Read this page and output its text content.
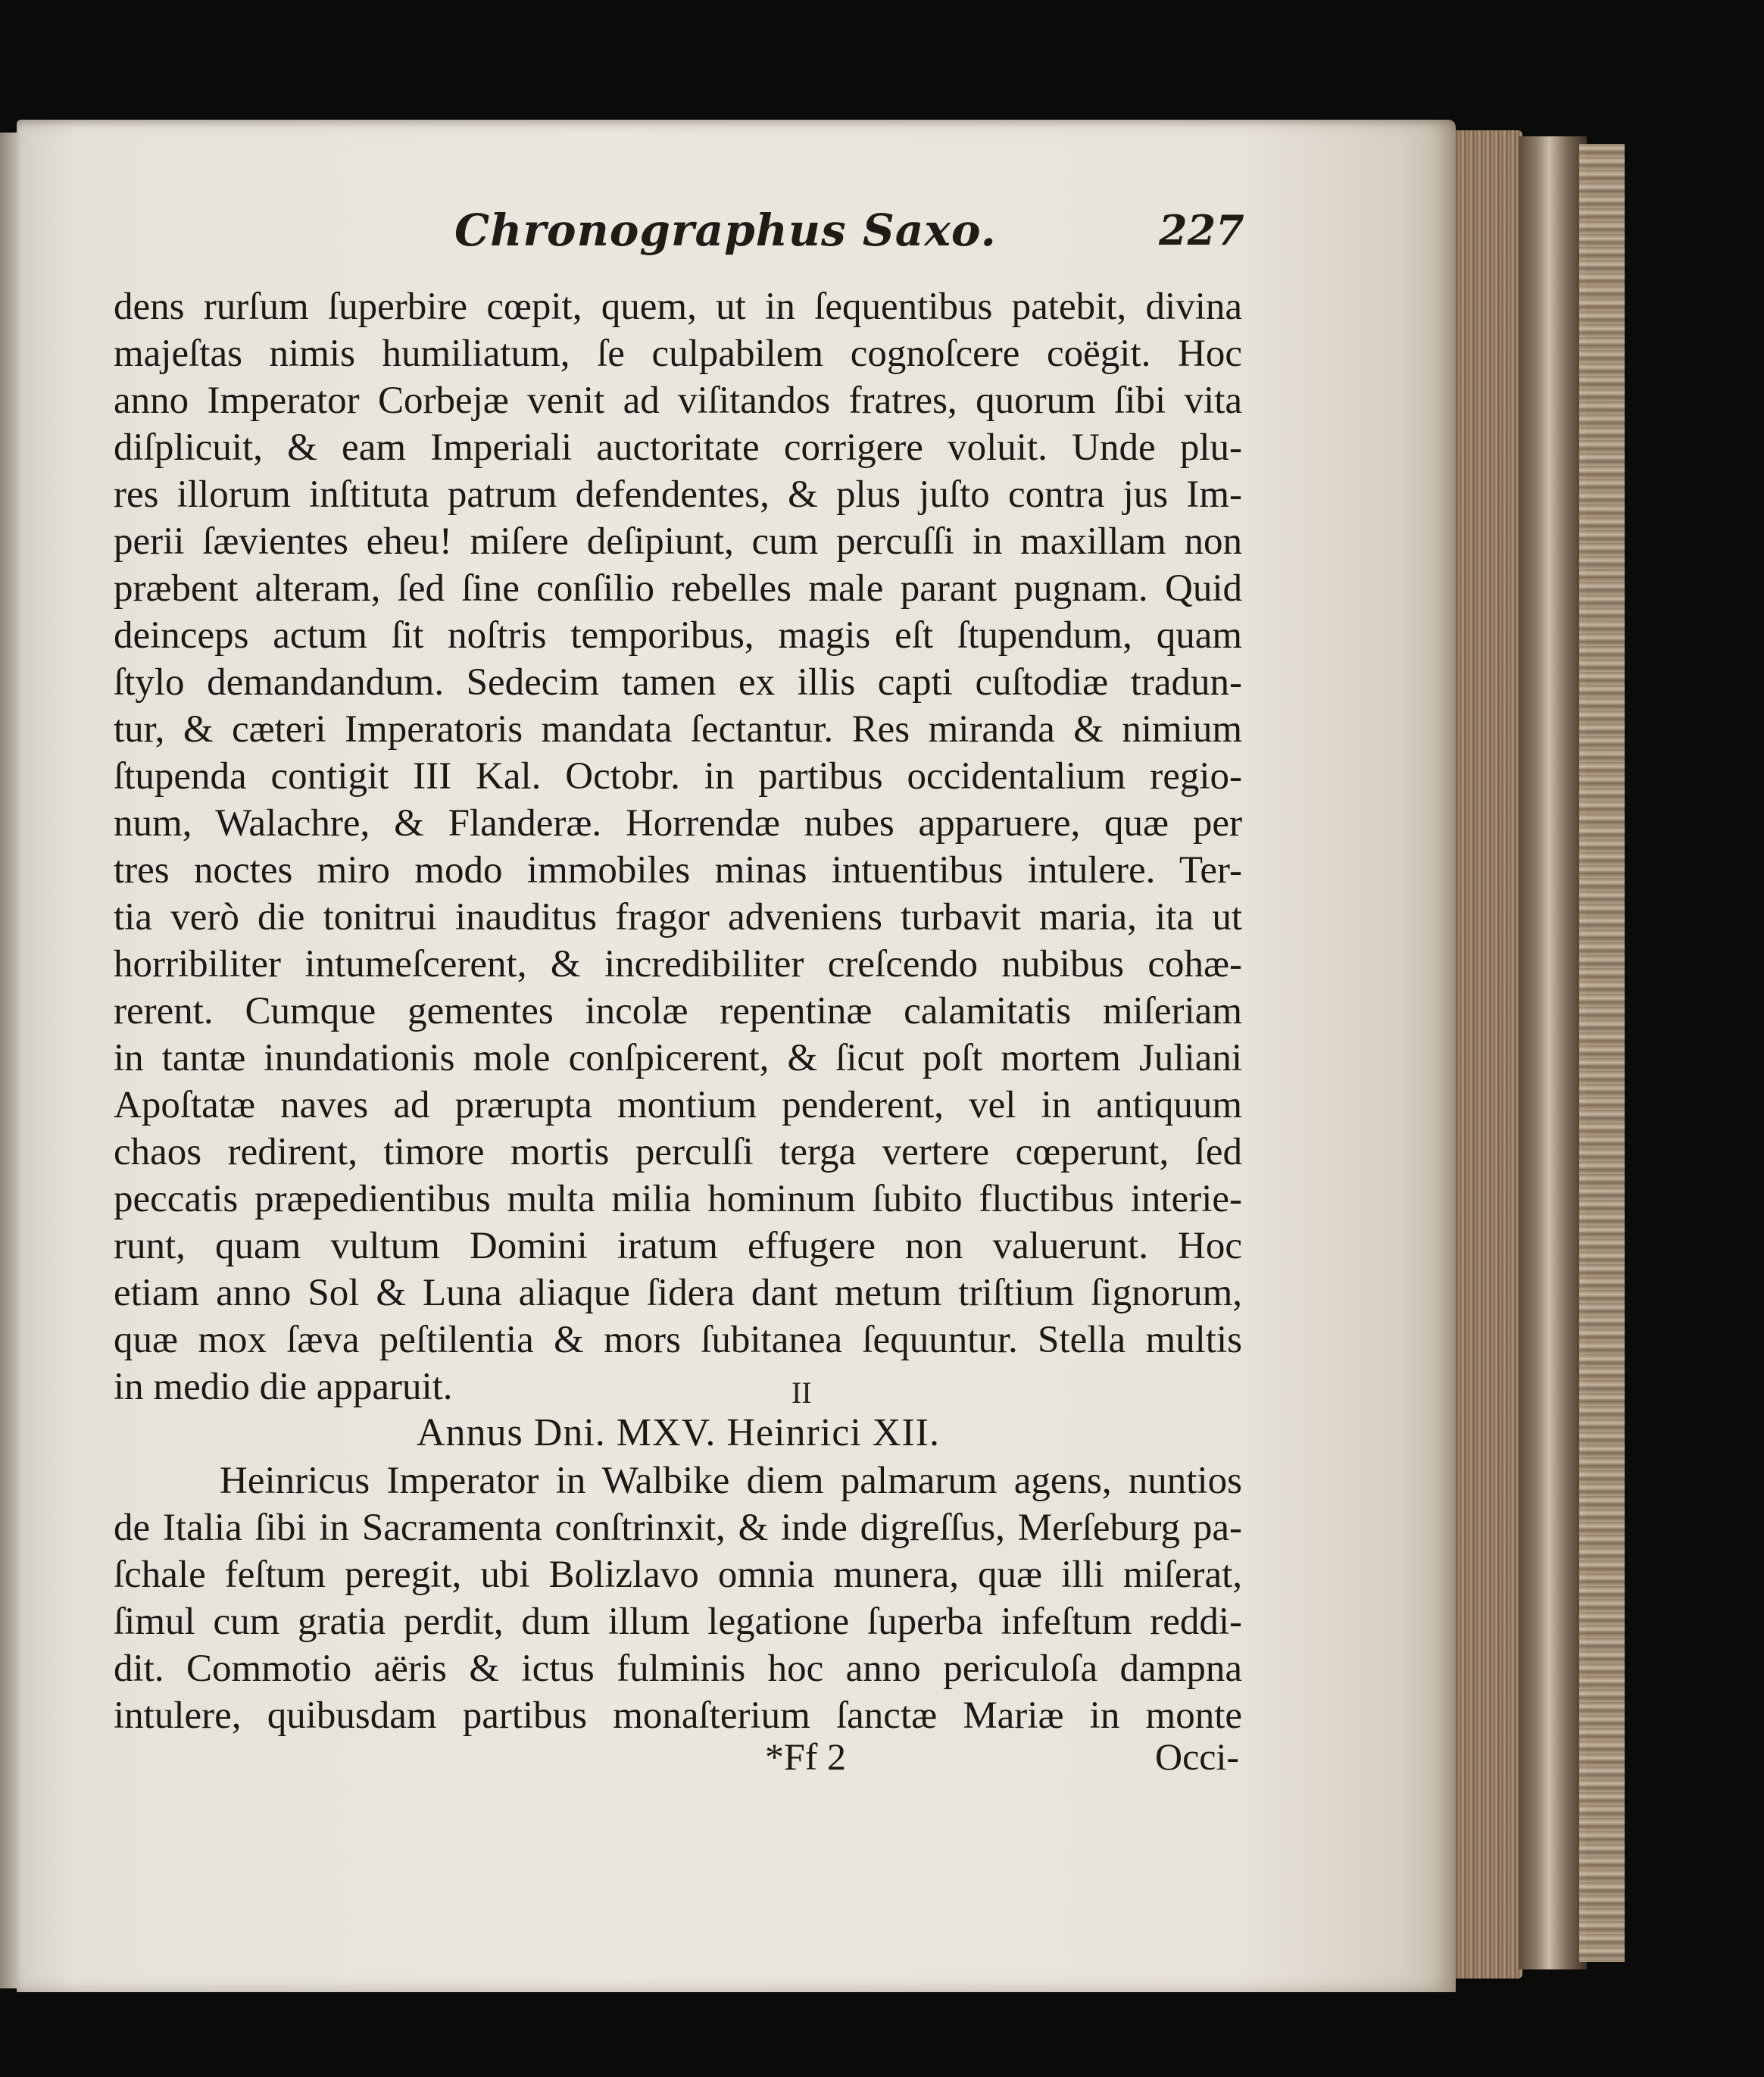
Chronographus Saxo.	227
dens rurſum ſuperbire cœpit, quem, ut in ſequentibus patebit, divina
majeſtas nimis humiliatum, ſe culpabilem cognoſcere coëgit. Hoc
anno Imperator Corbejæ venit ad viſitandos fratres, quorum ſibi vita
diſplicuit, & eam Imperiali auctoritate corrigere voluit. Unde plu-
res illorum inſtituta patrum defendentes, & plus juſto contra jus Im-
perii ſævientes eheu! miſere deſipiunt, cum percuſſi in maxillam non
præbent alteram, ſed ſine conſilio rebelles male parant pugnam. Quid
deinceps actum ſit noſtris temporibus, magis eſt ſtupendum, quam
ſtylo demandandum. Sedecim tamen ex illis capti cuſtodiæ tradun-
tur, & cæteri Imperatoris mandata ſectantur. Res miranda & nimium
ſtupenda contigit III Kal. Octobr. in partibus occidentalium regio-
num, Walachre, & Flanderæ. Horrendæ nubes apparuere, quæ per
tres noctes miro modo immobiles minas intuentibus intulere. Ter-
tia verò die tonitrui inauditus fragor adveniens turbavit maria, ita ut
horribiliter intumeſcerent, & incredibiliter creſcendo nubibus cohæ-
rerent. Cumque gementes incolæ repentinæ calamitatis miſeriam
in tantæ inundationis mole conſpicerent, & ſicut poſt mortem Juliani
Apoſtatæ naves ad prærupta montium penderent, vel in antiquum
chaos redirent, timore mortis perculſi terga vertere cœperunt, ſed
peccatis præpedientibus multa milia hominum ſubito fluctibus interie-
runt, quam vultum Domini iratum effugere non valuerunt. Hoc
etiam anno Sol & Luna aliaque ſidera dant metum triſtium ſignorum,
quæ mox ſæva peſtilentia & mors ſubitanea ſequuntur. Stella multis
in medio die apparuit.	II
Annus Dni. MXV. Heinrici XII.
Heinricus Imperator in Walbike diem palmarum agens, nuntios
de Italia ſibi in Sacramenta conſtrinxit, & inde digreſſus, Merſeburg pa-
ſchale feſtum peregit, ubi Bolizlavo omnia munera, quæ illi miſerat,
ſimul cum gratia perdit, dum illum legatione ſuperba infeſtum reddi-
dit. Commotio aëris & ictus fulminis hoc anno periculoſa dampna
intulere, quibusdam partibus monaſterium ſanctæ Mariæ in monte
*Ff 2	Occi-
